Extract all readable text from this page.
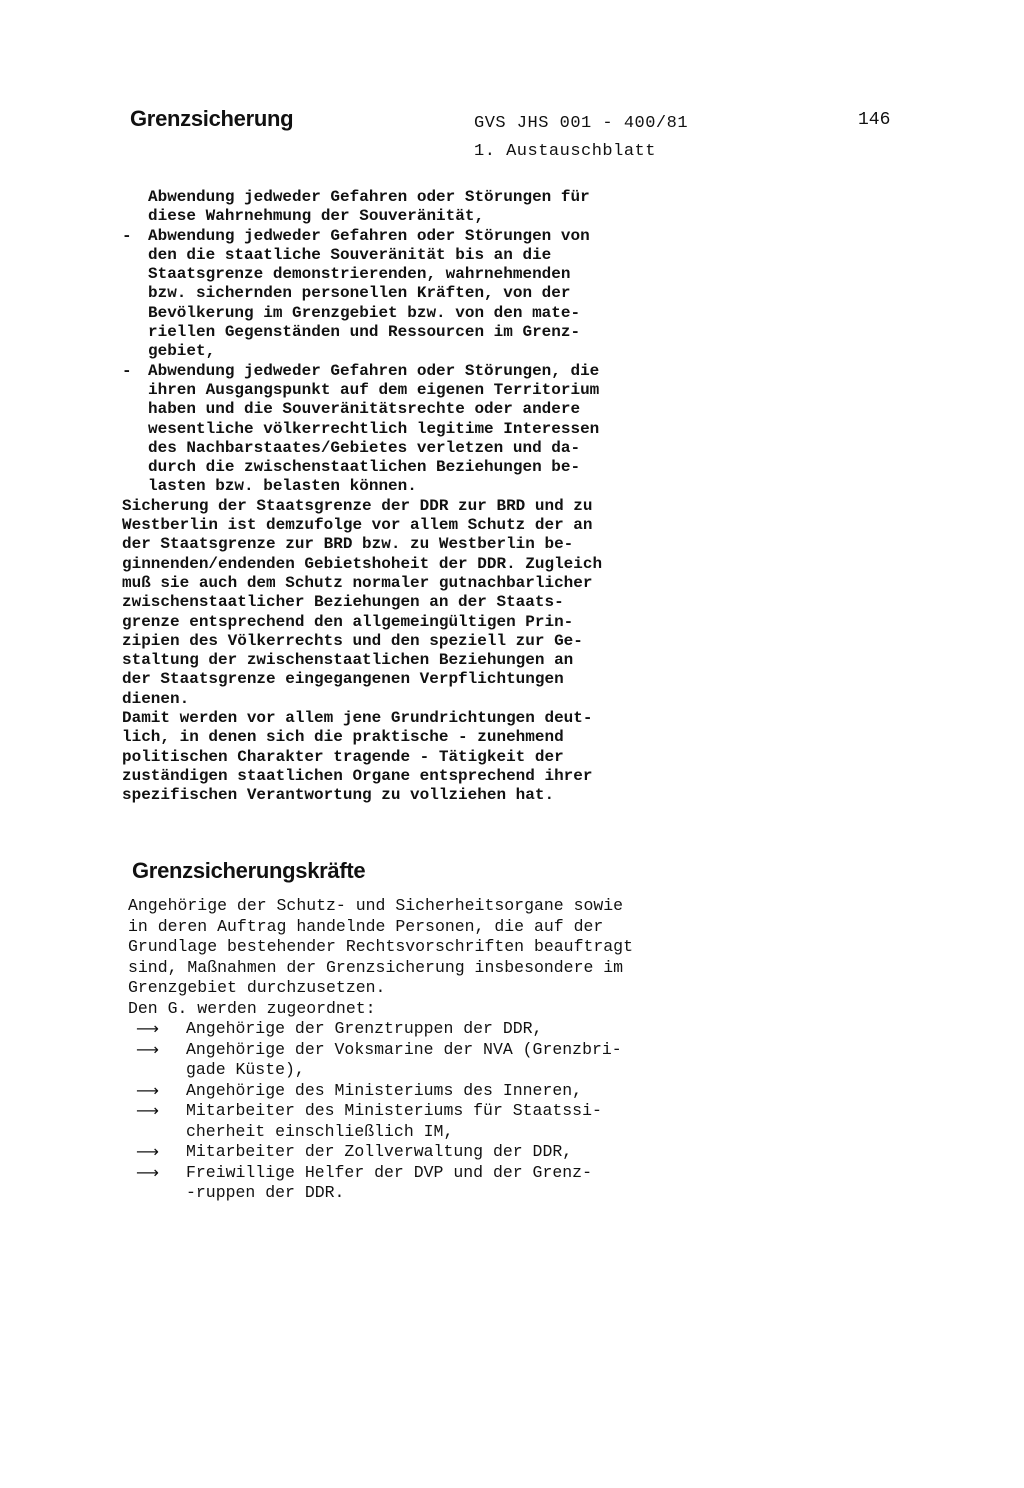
Grenzsicherung	GVS JHS 001 - 400/81
1. Austauschblatt
146
Abwendung jedweder Gefahren oder Störungen für
diese Wahrnehmung der Souveränität,
- Abwendung jedweder Gefahren oder Störungen von
den die staatliche Souveränität bis an die
Staatsgrenze demonstrierenden, wahrnehmenden
bzw. sichernden personellen Kräften, von der
Bevölkerung im Grenzgebiet bzw. von den mate-
riellen Gegenständen und Ressourcen im Grenz-
gebiet,
- Abwendung jedweder Gefahren oder Störungen, die
ihren Ausgangspunkt auf dem eigenen Territorium
haben und die Souveränitätsrechte oder andere
wesentliche völkerrechtlich legitime Interessen
des Nachbarstaates/Gebietes verletzen und da-
durch die zwischenstaatlichen Beziehungen be-
lasten bzw. belasten können.
Sicherung der Staatsgrenze der DDR zur BRD und zu
Westberlin ist demzufolge vor allem Schutz der an
der Staatsgrenze zur BRD bzw. zu Westberlin be-
ginnenden/endenden Gebietshoheit der DDR. Zugleich
muß sie auch dem Schutz normaler gutnachbarlicher
zwischenstaatlicher Beziehungen an der Staats-
grenze entsprechend den allgemeingültigen Prin-
zipien des Völkerrechts und den speziell zur Ge-
staltung der zwischenstaatlichen Beziehungen an
der Staatsgrenze eingegangenen Verpflichtungen
dienen.
Damit werden vor allem jene Grundrichtungen deut-
lich, in denen sich die praktische - zunehmend
politischen Charakter tragende - Tätigkeit der
zuständigen staatlichen Organe entsprechend ihrer
spezifischen Verantwortung zu vollziehen hat.
Grenzsicherungskräfte
Angehörige der Schutz- und Sicherheitsorgane sowie
in deren Auftrag handelnde Personen, die auf der
Grundlage bestehender Rechtsvorschriften beauftragt
sind, Maßnahmen der Grenzsicherung insbesondere im
Grenzgebiet durchzusetzen.
Den G. werden zugeordnet:
⟶ Angehörige der Grenztruppen der DDR,
⟶ Angehörige der Voksmarine der NVA (Grenzbri-
gade Küste),
⟶ Angehörige des Ministeriums des Inneren,
⟶ Mitarbeiter des Ministeriums für Staatssi-
cherheit einschließlich IM,
⟶ Mitarbeiter der Zollverwaltung der DDR,
⟶ Freiwillige Helfer der DVP und der Grenz-
-ruppen der DDR.
